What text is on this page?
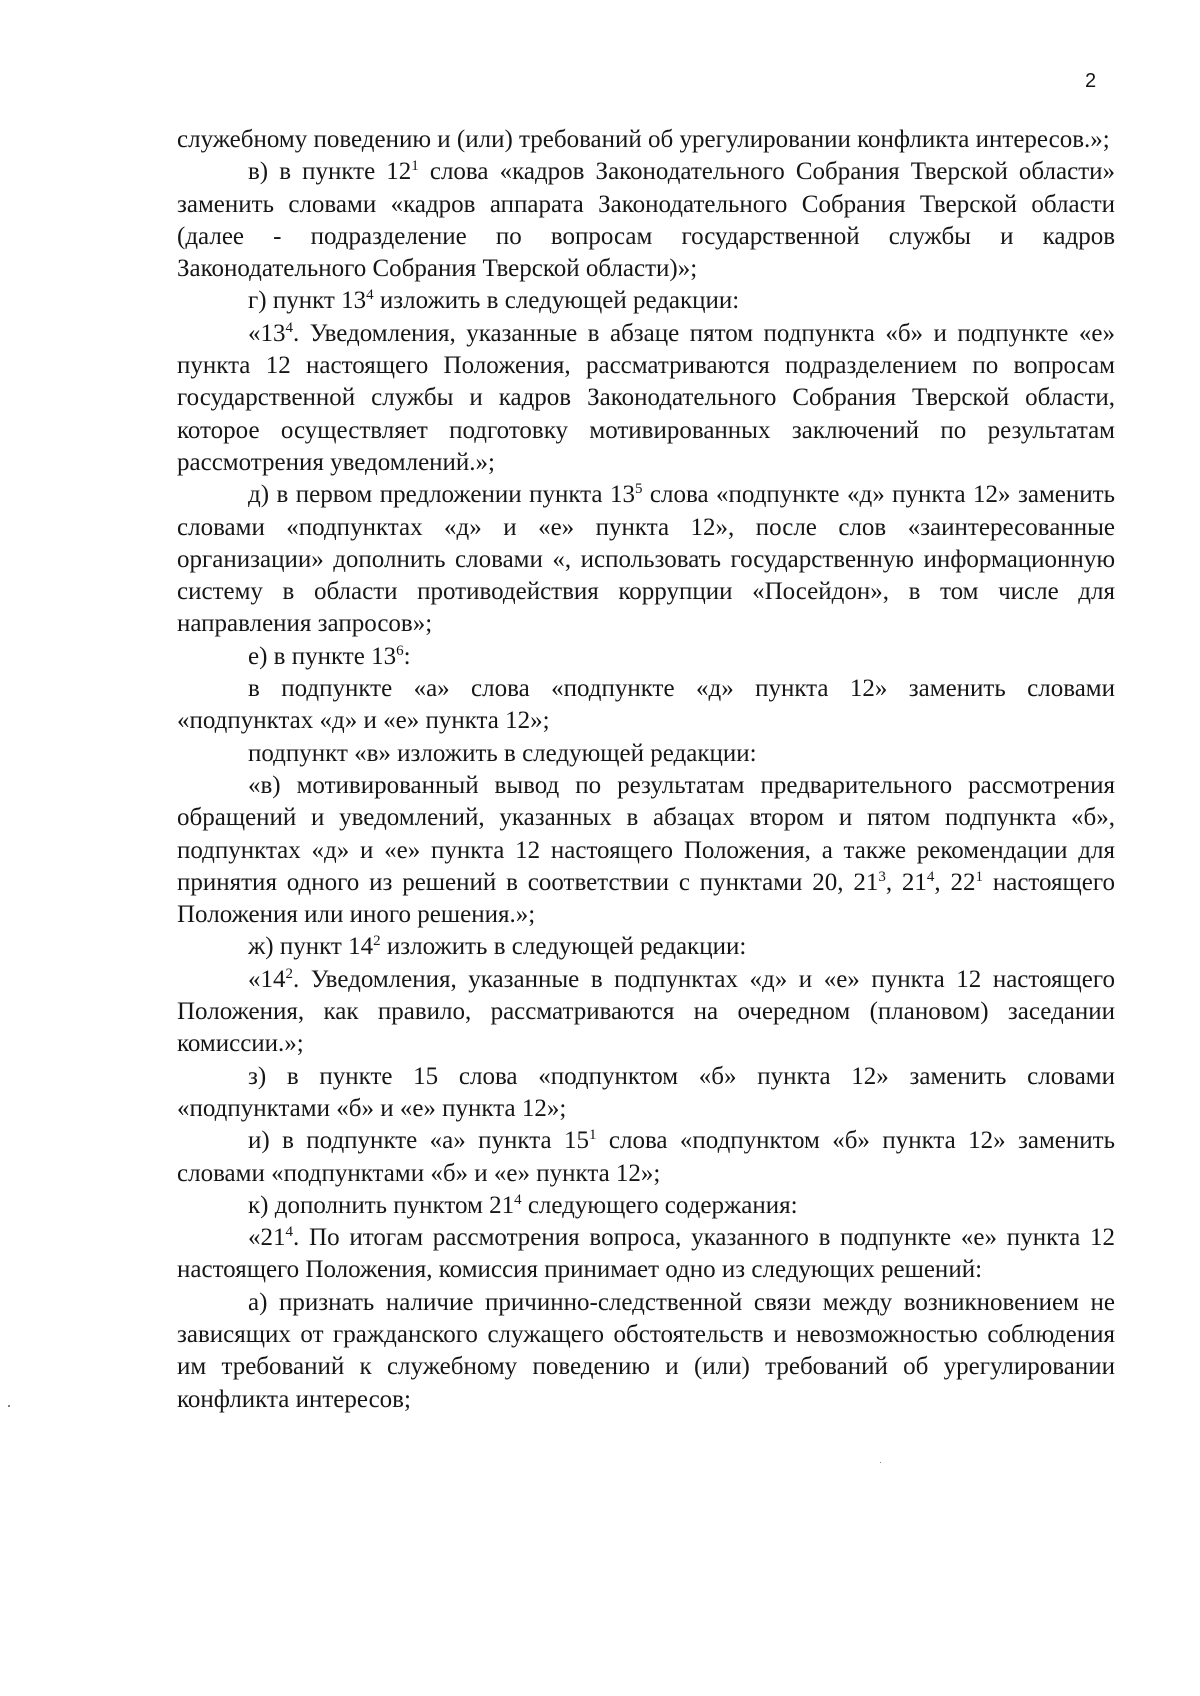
2

служебному поведению и (или) требований об урегулировании конфликта интересов.»;

в) в пункте $12^1$ слова «кадров Законодательного Собрания Тверской области» заменить словами «кадров аппарата Законодательного Собрания Тверской области (далее - подразделение по вопросам государственной службы и кадров Законодательного Собрания Тверской области)»;

г) пункт $13^4$ изложить в следующей редакции:

«$13^4$. Уведомления, указанные в абзаце пятом подпункта «б» и подпункте «е» пункта 12 настоящего Положения, рассматриваются подразделением по вопросам государственной службы и кадров Законодательного Собрания Тверской области, которое осуществляет подготовку мотивированных заключений по результатам рассмотрения уведомлений.»;

д) в первом предложении пункта $13^5$ слова «подпункте «д» пункта 12» заменить словами «подпунктах «д» и «е» пункта 12», после слов «заинтересованные организации» дополнить словами «, использовать государственную информационную систему в области противодействия коррупции «Посейдон», в том числе для направления запросов»;

е) в пункте $13^6$:

в подпункте «а» слова «подпункте «д» пункта 12» заменить словами «подпунктах «д» и «е» пункта 12»;

подпункт «в» изложить в следующей редакции:

«в) мотивированный вывод по результатам предварительного рассмотрения обращений и уведомлений, указанных в абзацах втором и пятом подпункта «б», подпунктах «д» и «е» пункта 12 настоящего Положения, а также рекомендации для принятия одного из решений в соответствии с пунктами 20, $21^3$, $21^4$, $22^1$ настоящего Положения или иного решения.»;

ж) пункт $14^2$ изложить в следующей редакции:

«$14^2$. Уведомления, указанные в подпунктах «д» и «е» пункта 12 настоящего Положения, как правило, рассматриваются на очередном (плановом) заседании комиссии.»;

з) в пункте 15 слова «подпунктом «б» пункта 12» заменить словами «подпунктами «б» и «е» пункта 12»;

и) в подпункте «а» пункта $15^1$ слова «подпунктом «б» пункта 12» заменить словами «подпунктами «б» и «е» пункта 12»;

к) дополнить пунктом $21^4$ следующего содержания:

«$21^4$. По итогам рассмотрения вопроса, указанного в подпункте «е» пункта 12 настоящего Положения, комиссия принимает одно из следующих решений:

а) признать наличие причинно-следственной связи между возникновением не зависящих от гражданского служащего обстоятельств и невозможностью соблюдения им требований к служебному поведению и (или) требований об урегулировании конфликта интересов;
